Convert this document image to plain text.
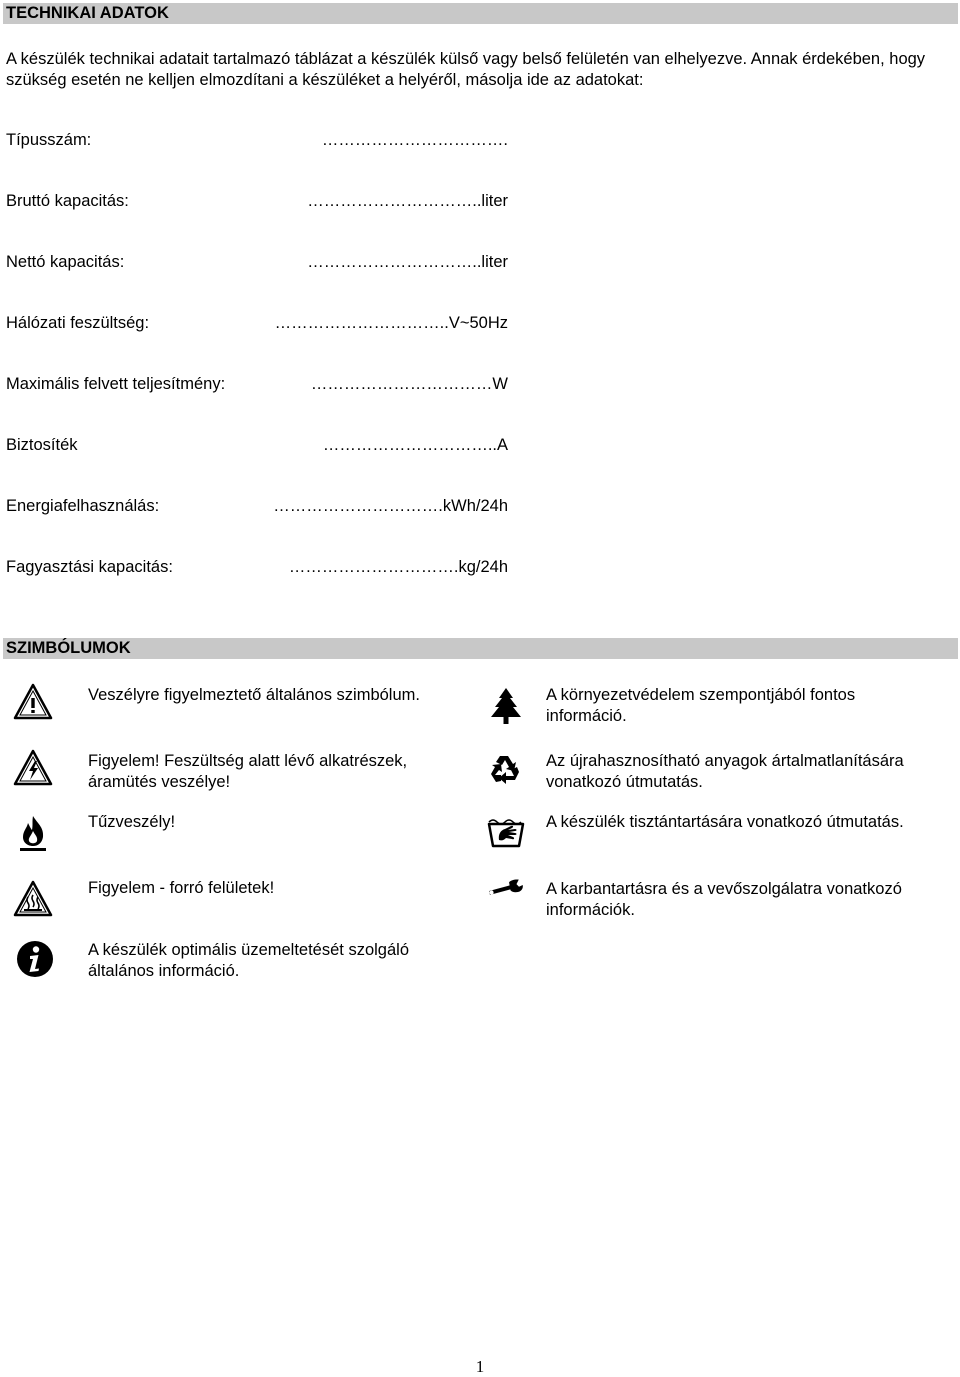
TECHNIKAI ADATOK

A készülék technikai adatait tartalmazó táblázat a készülék külső vagy belső felületén van elhelyezve. Annak érdekében, hogy szükség esetén ne kelljen elmozdítani a készüléket a helyéről, másolja ide az adatokat:

Típusszám:	…………………………….
Bruttó kapacitás:	…………………………..liter
Nettó kapacitás:	…………………………..liter
Hálózati feszültség:	…………………………..V~50Hz
Maximális felvett teljesítmény:	……………………………W
Biztosíték	…………………………..A
Energiafelhasználás:	………………………….kWh/24h
Fagyasztási kapacitás:	………………………….kg/24h
SZIMBÓLUMOK
Veszélyre figyelmeztető általános szimbólum.
Figyelem! Feszültség alatt lévő alkatrészek, áramütés veszélye!
Tűzveszély!
Figyelem - forró felületek!
A készülék optimális üzemeltetését szolgáló általános információ.
A környezetvédelem szempontjából fontos információ.
Az újrahasznosítható anyagok ártalmatlanítására vonatkozó útmutatás.
A készülék tisztántartására vonatkozó útmutatás.
A karbantartásra és a vevőszolgálatra vonatkozó információk.
1
